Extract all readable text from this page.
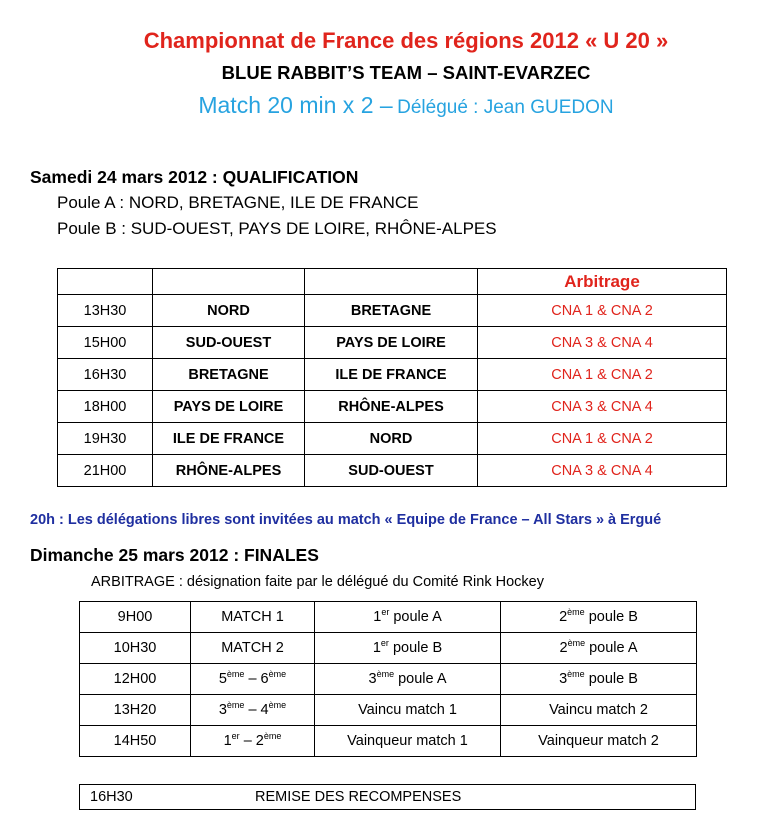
Championnat de France des régions 2012 « U 20 »
BLUE RABBIT’S TEAM – SAINT-EVARZEC
Match 20 min x 2 – Délégué : Jean GUEDON
Samedi 24 mars 2012 : QUALIFICATION
Poule A : NORD, BRETAGNE, ILE DE FRANCE
Poule B : SUD-OUEST, PAYS DE LOIRE, RHÔNE-ALPES
			Arbitrage
13H30	NORD	BRETAGNE	CNA 1 & CNA 2
15H00	SUD-OUEST	PAYS DE LOIRE	CNA 3 & CNA 4
16H30	BRETAGNE	ILE DE FRANCE	CNA 1 & CNA 2
18H00	PAYS DE LOIRE	RHÔNE-ALPES	CNA 3 & CNA 4
19H30	ILE DE FRANCE	NORD	CNA 1 & CNA 2
21H00	RHÔNE-ALPES	SUD-OUEST	CNA 3 & CNA 4
20h : Les délégations libres sont invitées au match « Equipe de France – All Stars » à Ergué
Dimanche 25 mars 2012 : FINALES
ARBITRAGE : désignation faite par le délégué du Comité Rink Hockey
9H00	MATCH 1	1er poule A	2ème poule B
10H30	MATCH 2	1er poule B	2ème poule A
12H00	5ème – 6ème	3ème poule A	3ème poule B
13H20	3ème – 4ème	Vaincu match 1	Vaincu match 2
14H50	1er – 2ème	Vainqueur match 1	Vainqueur match 2
16H30	REMISE DES RECOMPENSES
